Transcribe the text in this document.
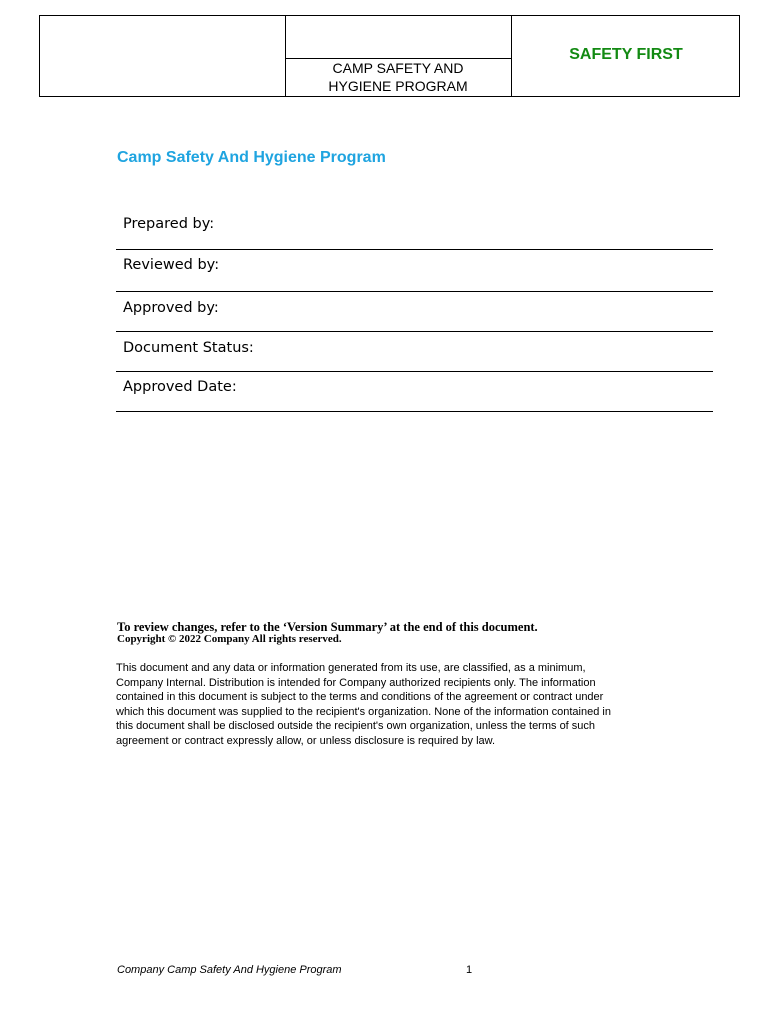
CAMP SAFETY AND
HYGIENE PROGRAM
SAFETY FIRST
Camp Safety And Hygiene Program
Prepared by:
Reviewed by:
Approved by:
Document Status:
Approved Date:
To review changes, refer to the ‘Version Summary’ at the end of this document.
Copyright © 2022 Company All rights reserved.
This document and any data or information generated from its use, are classified, as a minimum,
Company Internal. Distribution is intended for Company authorized recipients only. The information
contained in this document is subject to the terms and conditions of the agreement or contract under
which this document was supplied to the recipient's organization. None of the information contained in
this document shall be disclosed outside the recipient's own organization, unless the terms of such
agreement or contract expressly allow, or unless disclosure is required by law.
Company Camp Safety And Hygiene Program	1
